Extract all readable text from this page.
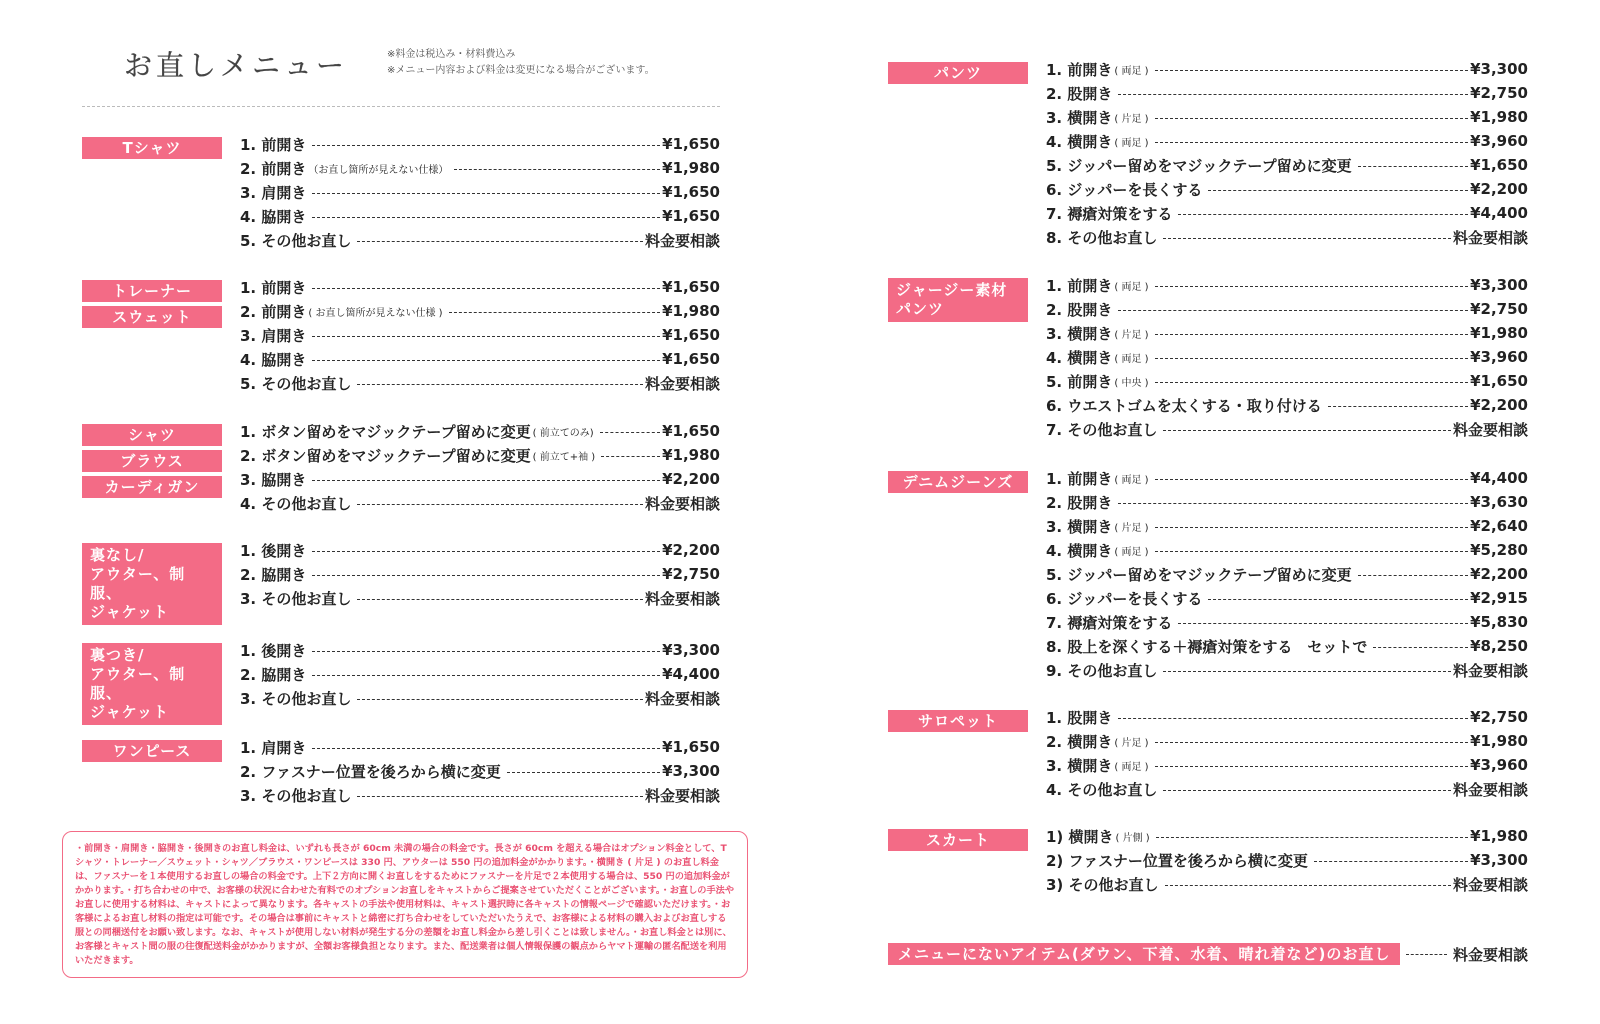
お直しメニュー	※料金は税込み・材料費込み
※メニュー内容および料金は変更になる場合がございます。
Tシャツ	1. 前開き	¥1,650
2. 前開き （お直し箇所が見えない仕様）	¥1,980
3. 肩開き	¥1,650
4. 脇開き	¥1,650
5. その他お直し	料金要相談
トレーナー
スウェット
1. 前開き	¥1,650
2. 前開き ( お直し箇所が見えない仕様 )	¥1,980
3. 肩開き	¥1,650
4. 脇開き	¥1,650
5. その他お直し	料金要相談
シャツ
ブラウス
カーディガン
1. ボタン留めをマジックテープ留めに変更 ( 前立てのみ)	¥1,650
2. ボタン留めをマジックテープ留めに変更 ( 前立て+袖 )	¥1,980
3. 脇開き	¥2,200
4. その他お直し	料金要相談
裏なし/
アウター、制服、
ジャケット
1. 後開き	¥2,200
2. 脇開き	¥2,750
3. その他お直し	料金要相談
裏つき/
アウター、制服、
ジャケット
1. 後開き	¥3,300
2. 脇開き	¥4,400
3. その他お直し	料金要相談
ワンピース	1. 肩開き	¥1,650
2. ファスナー位置を後ろから横に変更	¥3,300
3. その他お直し	料金要相談
パンツ	1. 前開き ( 両足 )	¥3,300
2. 股開き	¥2,750
3. 横開き ( 片足 )	¥1,980
4. 横開き ( 両足 )	¥3,960
5. ジッパー留めをマジックテープ留めに変更	¥1,650
6. ジッパーを長くする	¥2,200
7. 褥瘡対策をする	¥4,400
8. その他お直し	料金要相談
ジャージー素材
パンツ
1. 前開き ( 両足 )	¥3,300
2. 股開き	¥2,750
3. 横開き ( 片足 )	¥1,980
4. 横開き ( 両足 )	¥3,960
5. 前開き ( 中央 )	¥1,650
6. ウエストゴムを太くする・取り付ける	¥2,200
7. その他お直し	料金要相談
デニムジーンズ	1. 前開き ( 両足 )	¥4,400
2. 股開き	¥3,630
3. 横開き ( 片足 )	¥2,640
4. 横開き ( 両足 )	¥5,280
5. ジッパー留めをマジックテープ留めに変更	¥2,200
6. ジッパーを長くする	¥2,915
7. 褥瘡対策をする	¥5,830
8. 股上を深くする＋褥瘡対策をする　セットで	¥8,250
9. その他お直し	料金要相談
サロペット	1. 股開き	¥2,750
2. 横開き ( 片足 )	¥1,980
3. 横開き ( 両足 )	¥3,960
4. その他お直し	料金要相談
スカート	1) 横開き ( 片側 )	¥1,980
2) ファスナー位置を後ろから横に変更	¥3,300
3) その他お直し	料金要相談
・前開き・肩開き・脇開き・後開きのお直し料金は、いずれも長さが 60cm 未満の場合の料金です。長さが 60cm を超える場合はオプション料金として、Tシャツ・トレーナー／スウェット・シャツ／ブラウス・ワンピースは 330 円、アウターは 550 円の追加料金がかかります。・横開き ( 片足 ) のお直し料金は、ファスナーを１本使用するお直しの場合の料金です。上下２方向に開くお直しをするためにファスナーを片足で２本使用する場合は、550 円の追加料金がかかります。・打ち合わせの中で、お客様の状況に合わせた有料でのオプションお直しをキャストからご提案させていただくことがございます。・お直しの手法やお直しに使用する材料は、キャストによって異なります。各キャストの手法や使用材料は、キャスト選択時に各キャストの情報ページで確認いただけます。・お客様によるお直し材料の指定は可能です。その場合は事前にキャストと綿密に打ち合わせをしていただいたうえで、お客様による材料の購入およびお直しする服との同梱送付をお願い致します。なお、キャストが使用しない材料が発生する分の差額をお直し料金から差し引くことは致しません。・お直し料金とは別に、お客様とキャスト間の服の往復配送料金がかかりますが、全額お客様負担となります。また、配送業者は個人情報保護の観点からヤマト運輸の匿名配送を利用いただきます。	メニューにないアイテム(ダウン、下着、水着、晴れ着など)のお直し	料金要相談
